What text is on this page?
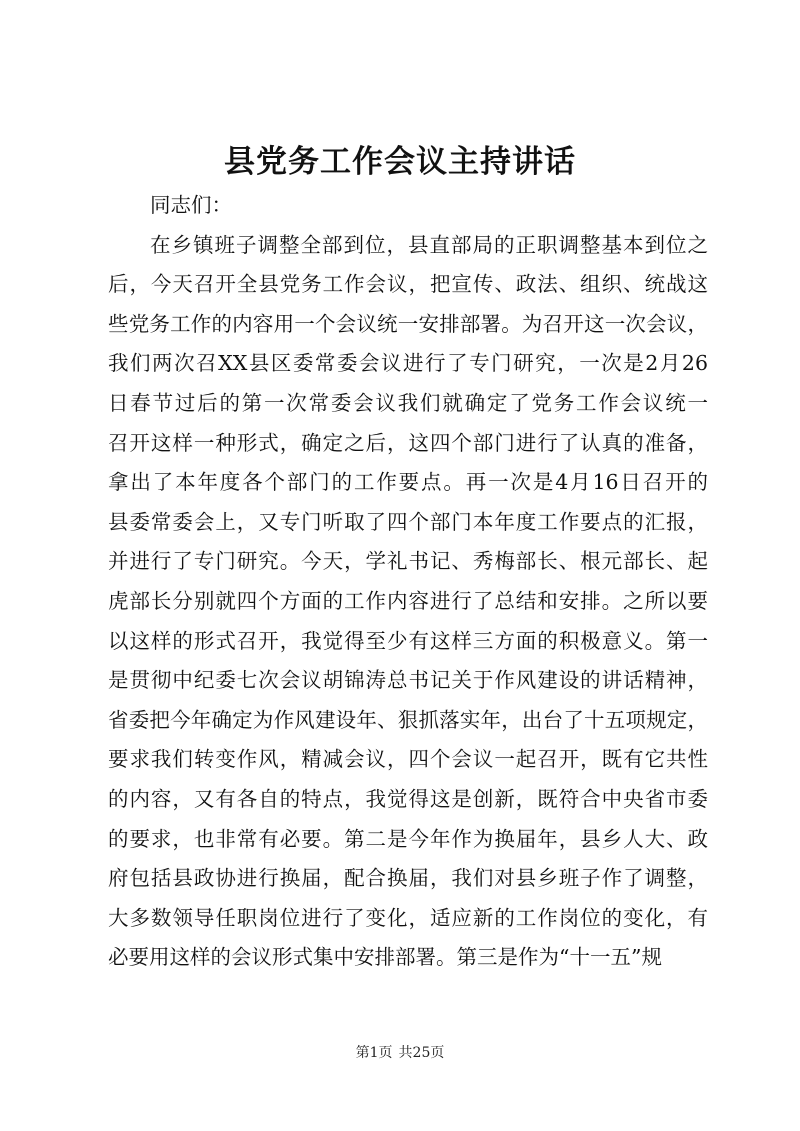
县党务工作会议主持讲话
同志们：
在乡镇班子调整全部到位，县直部局的正职调整基本到位之
后，今天召开全县党务工作会议，把宣传、政法、组织、统战这
些党务工作的内容用一个会议统一安排部署。为召开这一次会议，
我们两次召XX县区委常委会议进行了专门研究，一次是2月26
日春节过后的第一次常委会议我们就确定了党务工作会议统一
召开这样一种形式，确定之后，这四个部门进行了认真的准备，
拿出了本年度各个部门的工作要点。再一次是4月16日召开的
县委常委会上，又专门听取了四个部门本年度工作要点的汇报，
并进行了专门研究。今天，学礼书记、秀梅部长、根元部长、起
虎部长分别就四个方面的工作内容进行了总结和安排。之所以要
以这样的形式召开，我觉得至少有这样三方面的积极意义。第一
是贯彻中纪委七次会议胡锦涛总书记关于作风建设的讲话精神，
省委把今年确定为作风建设年、狠抓落实年，出台了十五项规定，
要求我们转变作风，精减会议，四个会议一起召开，既有它共性
的内容，又有各自的特点，我觉得这是创新，既符合中央省市委
的要求，也非常有必要。第二是今年作为换届年，县乡人大、政
府包括县政协进行换届，配合换届，我们对县乡班子作了调整，
大多数领导任职岗位进行了变化，适应新的工作岗位的变化，有
必要用这样的会议形式集中安排部署。第三是作为“十一五”规
第1页 共25页
